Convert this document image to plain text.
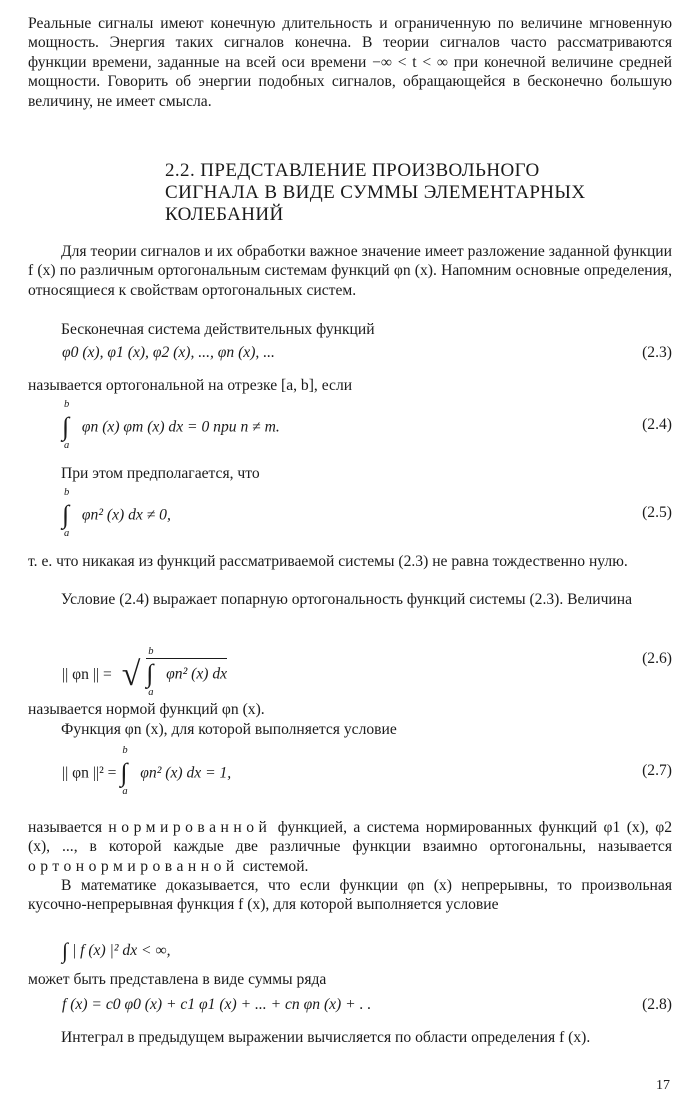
Реальные сигналы имеют конечную длительность и ограниченную по величине мгновенную мощность. Энергия таких сигналов конечна. В теории сигналов часто рассматриваются функции времени, заданные на всей оси времени −∞ < t < ∞ при конечной величине средней мощности. Говорить об энергии подобных сигналов, обращающейся в бесконечно большую величину, не имеет смысла.

2.2. ПРЕДСТАВЛЕНИЕ ПРОИЗВОЛЬНОГО
СИГНАЛА В ВИДЕ СУММЫ ЭЛЕМЕНТАРНЫХ
КОЛЕБАНИЙ

Для теории сигналов и их обработки важное значение имеет разложение заданной функции f (x) по различным ортогональным системам функций φn (x). Напомним основные определения, относящиеся к свойствам ортогональных систем.

Бесконечная система действительных функций

φ0 (x), φ1 (x), φ2 (x), ..., φn (x), ...	(2.3)

называется ортогональной на отрезке [a, b], если

∫
b
a
φn (x) φm (x) dx = 0 при n ≠ m.	(2.4)

При этом предполагается, что

∫
b
a
φn² (x) dx ≠ 0,	(2.5)

т. е. что никакая из функций рассматриваемой системы (2.3) не равна тождественно нулю.

Условие (2.4) выражает попарную ортогональность функций системы (2.3). Величина

|| φn || = √ ∫
b
a
φn² (x) dx
(2.6)

называется нормой функций φn (x).

Функция φn (x), для которой выполняется условие

|| φn ||² = ∫
b
a
φn² (x) dx = 1,	(2.7)

называется нормированной функцией, а система нормированных функций φ1 (x), φ2 (x), ..., в которой каждые две различные функции взаимно ортогональны, называется ортонормированной системой.

В математике доказывается, что если функции φn (x) непрерывны, то произвольная кусочно-непрерывная функция f (x), для которой выполняется условие

∫ | f (x) |² dx < ∞,

может быть представлена в виде суммы ряда

f (x) = c0 φ0 (x) + c1 φ1 (x) + ... + cn φn (x) + . .	(2.8)

Интеграл в предыдущем выражении вычисляется по области определения f (x).

17
